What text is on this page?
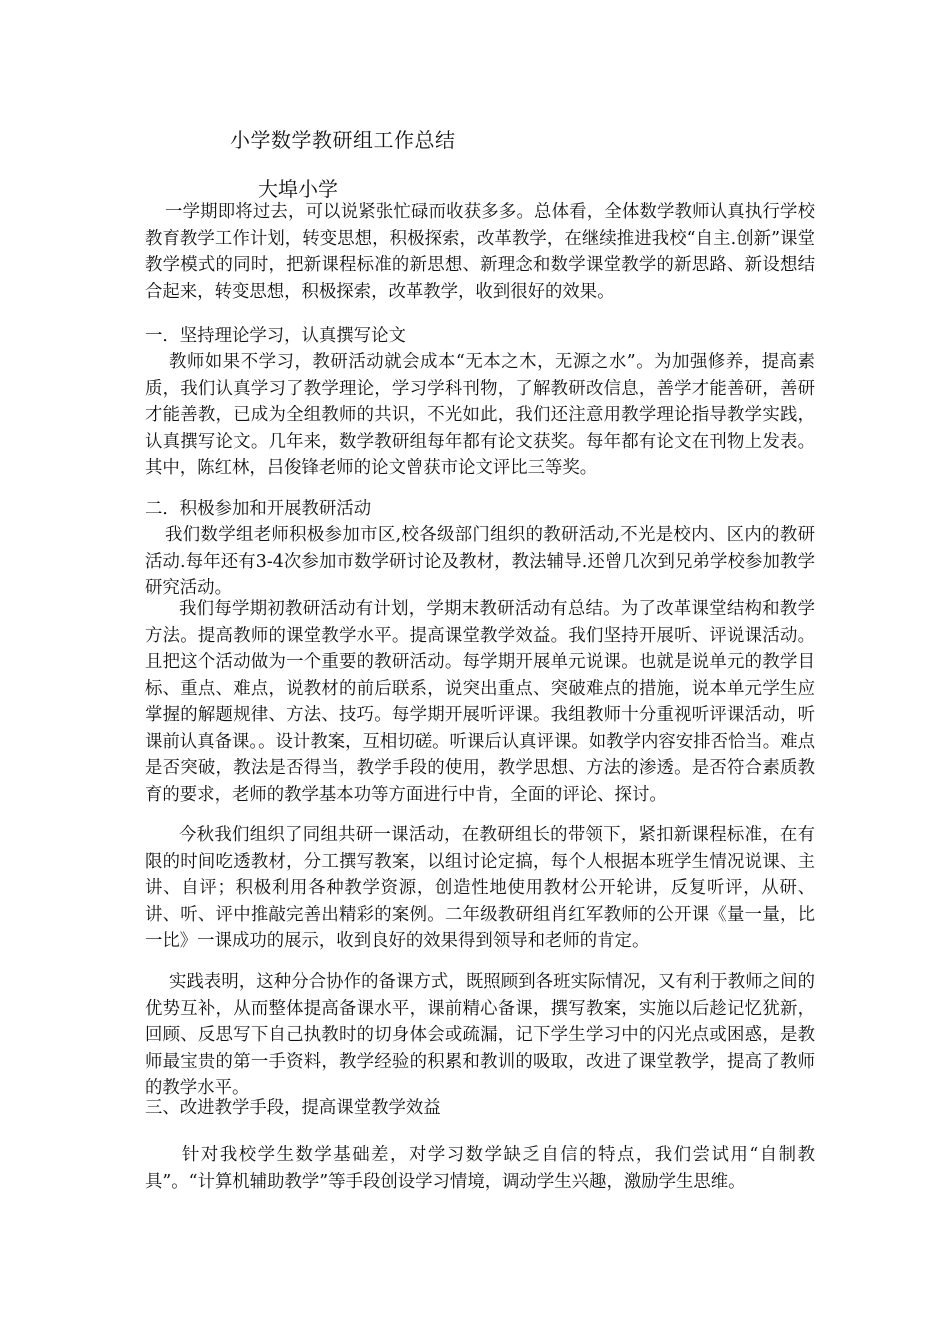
小学数学教研组工作总结
大埠小学
一学期即将过去，可以说紧张忙碌而收获多多。总体看，全体数学教师认真执行学校教育教学工作计划，转变思想，积极探索，改革教学，在继续推进我校“自主.创新”课堂教学模式的同时，把新课程标准的新思想、新理念和数学课堂教学的新思路、新设想结合起来，转变思想，积极探索，改革教学，收到很好的效果。
一．坚持理论学习，认真撰写论文
教师如果不学习，教研活动就会成本“无本之木，无源之水”。为加强修养，提高素质，我们认真学习了教学理论，学习学科刊物，了解教研改信息，善学才能善研，善研才能善教，已成为全组教师的共识，不光如此，我们还注意用教学理论指导教学实践，认真撰写论文。几年来，数学教研组每年都有论文获奖。每年都有论文在刊物上发表。其中，陈红林，吕俊锋老师的论文曾获市论文评比三等奖。
二．积极参加和开展教研活动
我们数学组老师积极参加市区,校各级部门组织的教研活动,不光是校内、区内的教研活动.每年还有3-4次参加市数学研讨论及教材，教法辅导.还曾几次到兄弟学校参加教学研究活动。
我们每学期初教研活动有计划，学期末教研活动有总结。为了改革课堂结构和教学方法。提高教师的课堂教学水平。提高课堂教学效益。我们坚持开展听、评说课活动。且把这个活动做为一个重要的教研活动。每学期开展单元说课。也就是说单元的教学目标、重点、难点，说教材的前后联系，说突出重点、突破难点的措施，说本单元学生应掌握的解题规律、方法、技巧。每学期开展听评课。我组教师十分重视听评课活动，听课前认真备课。。设计教案，互相切磋。听课后认真评课。如教学内容安排否恰当。难点是否突破，教法是否得当，教学手段的使用，教学思想、方法的渗透。是否符合素质教育的要求，老师的教学基本功等方面进行中肯，全面的评论、探讨。
今秋我们组织了同组共研一课活动，在教研组长的带领下，紧扣新课程标准，在有限的时间吃透教材，分工撰写教案，以组讨论定搞，每个人根据本班学生情况说课、主讲、自评；积极利用各种教学资源，创造性地使用教材公开轮讲，反复听评，从研、讲、听、评中推敲完善出精彩的案例。二年级教研组肖红军教师的公开课《量一量，比一比》一课成功的展示，收到良好的效果得到领导和老师的肯定。
实践表明，这种分合协作的备课方式，既照顾到各班实际情况，又有利于教师之间的优势互补，从而整体提高备课水平，课前精心备课，撰写教案，实施以后趁记忆犹新，回顾、反思写下自己执教时的切身体会或疏漏，记下学生学习中的闪光点或困惑，是教师最宝贵的第一手资料，教学经验的积累和教训的吸取，改进了课堂教学，提高了教师的教学水平。
三、改进教学手段，提高课堂教学效益
针对我校学生数学基础差，对学习数学缺乏自信的特点，我们尝试用“自制教具”。“计算机辅助教学”等手段创设学习情境，调动学生兴趣，激励学生思维。
